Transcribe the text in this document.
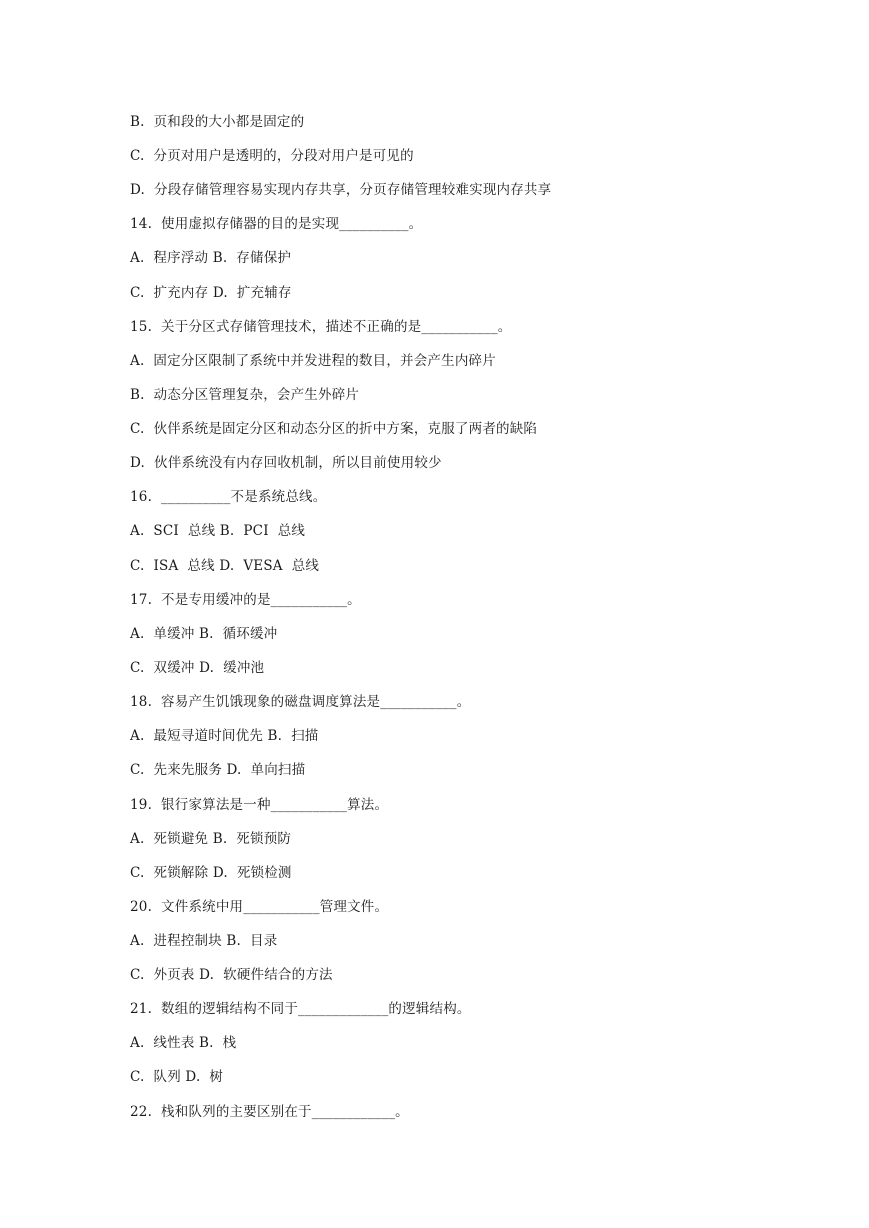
B.  页和段的大小都是固定的
C.  分页对用户是透明的，分段对用户是可见的
D.  分段存储管理容易实现内存共享，分页存储管理较难实现内存共享
14.  使用虚拟存储器的目的是实现__________。
A.  程序浮动 B.  存储保护
C.  扩充内存 D.  扩充辅存
15.  关于分区式存储管理技术，描述不正确的是___________。
A.  固定分区限制了系统中并发进程的数目，并会产生内碎片
B.  动态分区管理复杂，会产生外碎片
C.  伙伴系统是固定分区和动态分区的折中方案，克服了两者的缺陷
D.  伙伴系统没有内存回收机制，所以目前使用较少
16.  __________不是系统总线。
A.  SCI  总线 B.  PCI  总线
C.  ISA  总线 D.  VESA  总线
17.  不是专用缓冲的是___________。
A.  单缓冲 B.  循环缓冲
C.  双缓冲 D.  缓冲池
18.  容易产生饥饿现象的磁盘调度算法是___________。
A.  最短寻道时间优先 B.  扫描
C.  先来先服务 D.  单向扫描
19.  银行家算法是一种___________算法。
A.  死锁避免 B.  死锁预防
C.  死锁解除 D.  死锁检测
20.  文件系统中用___________管理文件。
A.  进程控制块 B.  目录
C.  外页表 D.  软硬件结合的方法
21.  数组的逻辑结构不同于_____________的逻辑结构。
A.  线性表 B.  栈
C.  队列 D.  树
22.  栈和队列的主要区别在于____________。
